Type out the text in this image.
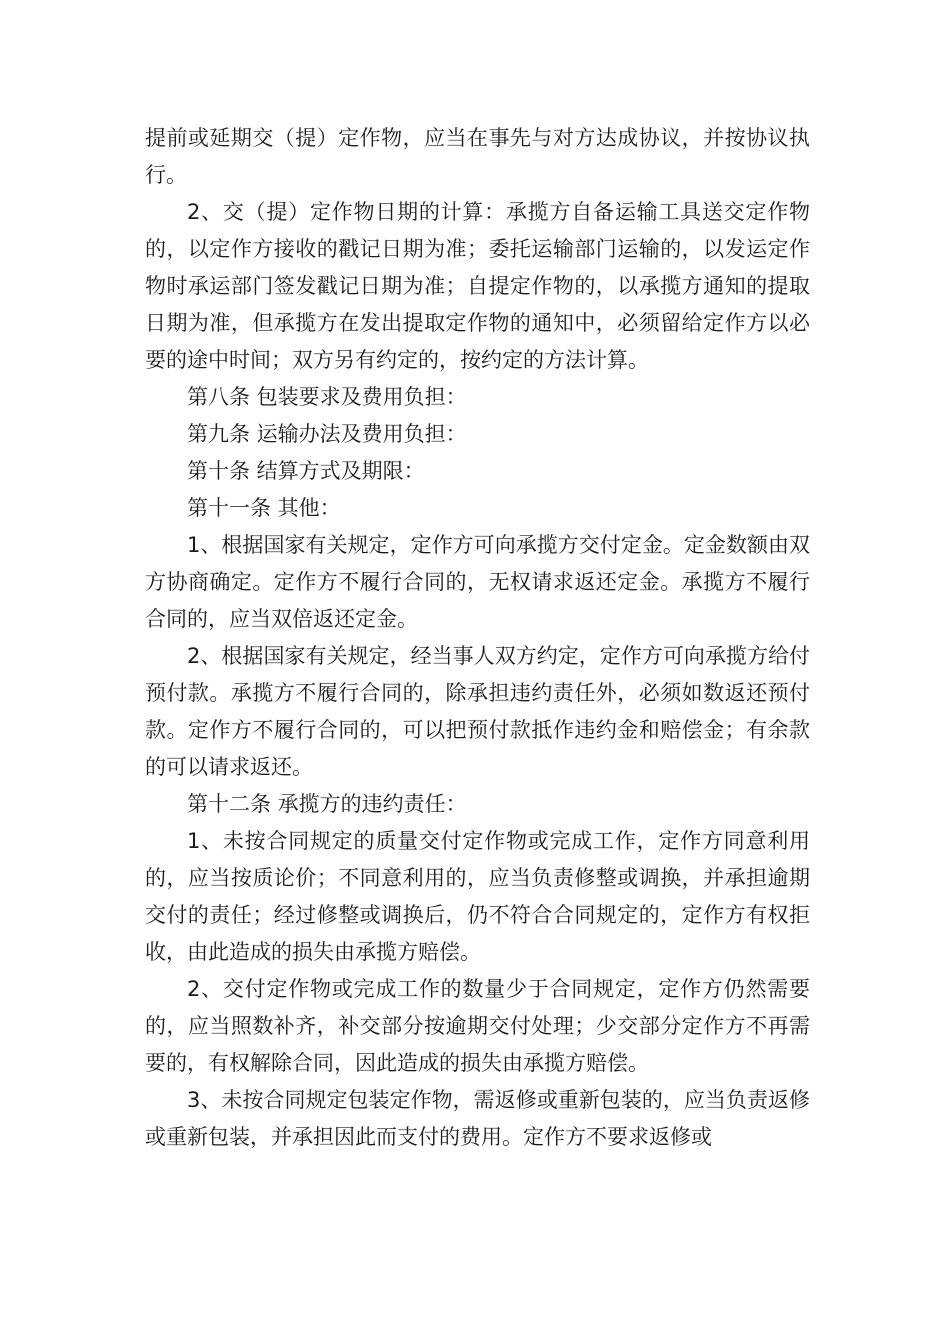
提前或延期交（提）定作物，应当在事先与对方达成协议，并按协议执行。

2、交（提）定作物日期的计算：承揽方自备运输工具送交定作物的，以定作方接收的戳记日期为准；委托运输部门运输的，以发运定作物时承运部门签发戳记日期为准；自提定作物的，以承揽方通知的提取日期为准，但承揽方在发出提取定作物的通知中，必须留给定作方以必要的途中时间；双方另有约定的，按约定的方法计算。

第八条 包装要求及费用负担：

第九条 运输办法及费用负担：

第十条 结算方式及期限：

第十一条 其他：

1、根据国家有关规定，定作方可向承揽方交付定金。定金数额由双方协商确定。定作方不履行合同的，无权请求返还定金。承揽方不履行合同的，应当双倍返还定金。

2、根据国家有关规定，经当事人双方约定，定作方可向承揽方给付预付款。承揽方不履行合同的，除承担违约责任外，必须如数返还预付款。定作方不履行合同的，可以把预付款抵作违约金和赔偿金；有余款的可以请求返还。

第十二条 承揽方的违约责任：

1、未按合同规定的质量交付定作物或完成工作，定作方同意利用的，应当按质论价；不同意利用的，应当负责修整或调换，并承担逾期交付的责任；经过修整或调换后，仍不符合合同规定的，定作方有权拒收，由此造成的损失由承揽方赔偿。

2、交付定作物或完成工作的数量少于合同规定，定作方仍然需要的，应当照数补齐，补交部分按逾期交付处理；少交部分定作方不再需要的，有权解除合同，因此造成的损失由承揽方赔偿。

3、未按合同规定包装定作物，需返修或重新包装的，应当负责返修或重新包装，并承担因此而支付的费用。定作方不要求返修或
